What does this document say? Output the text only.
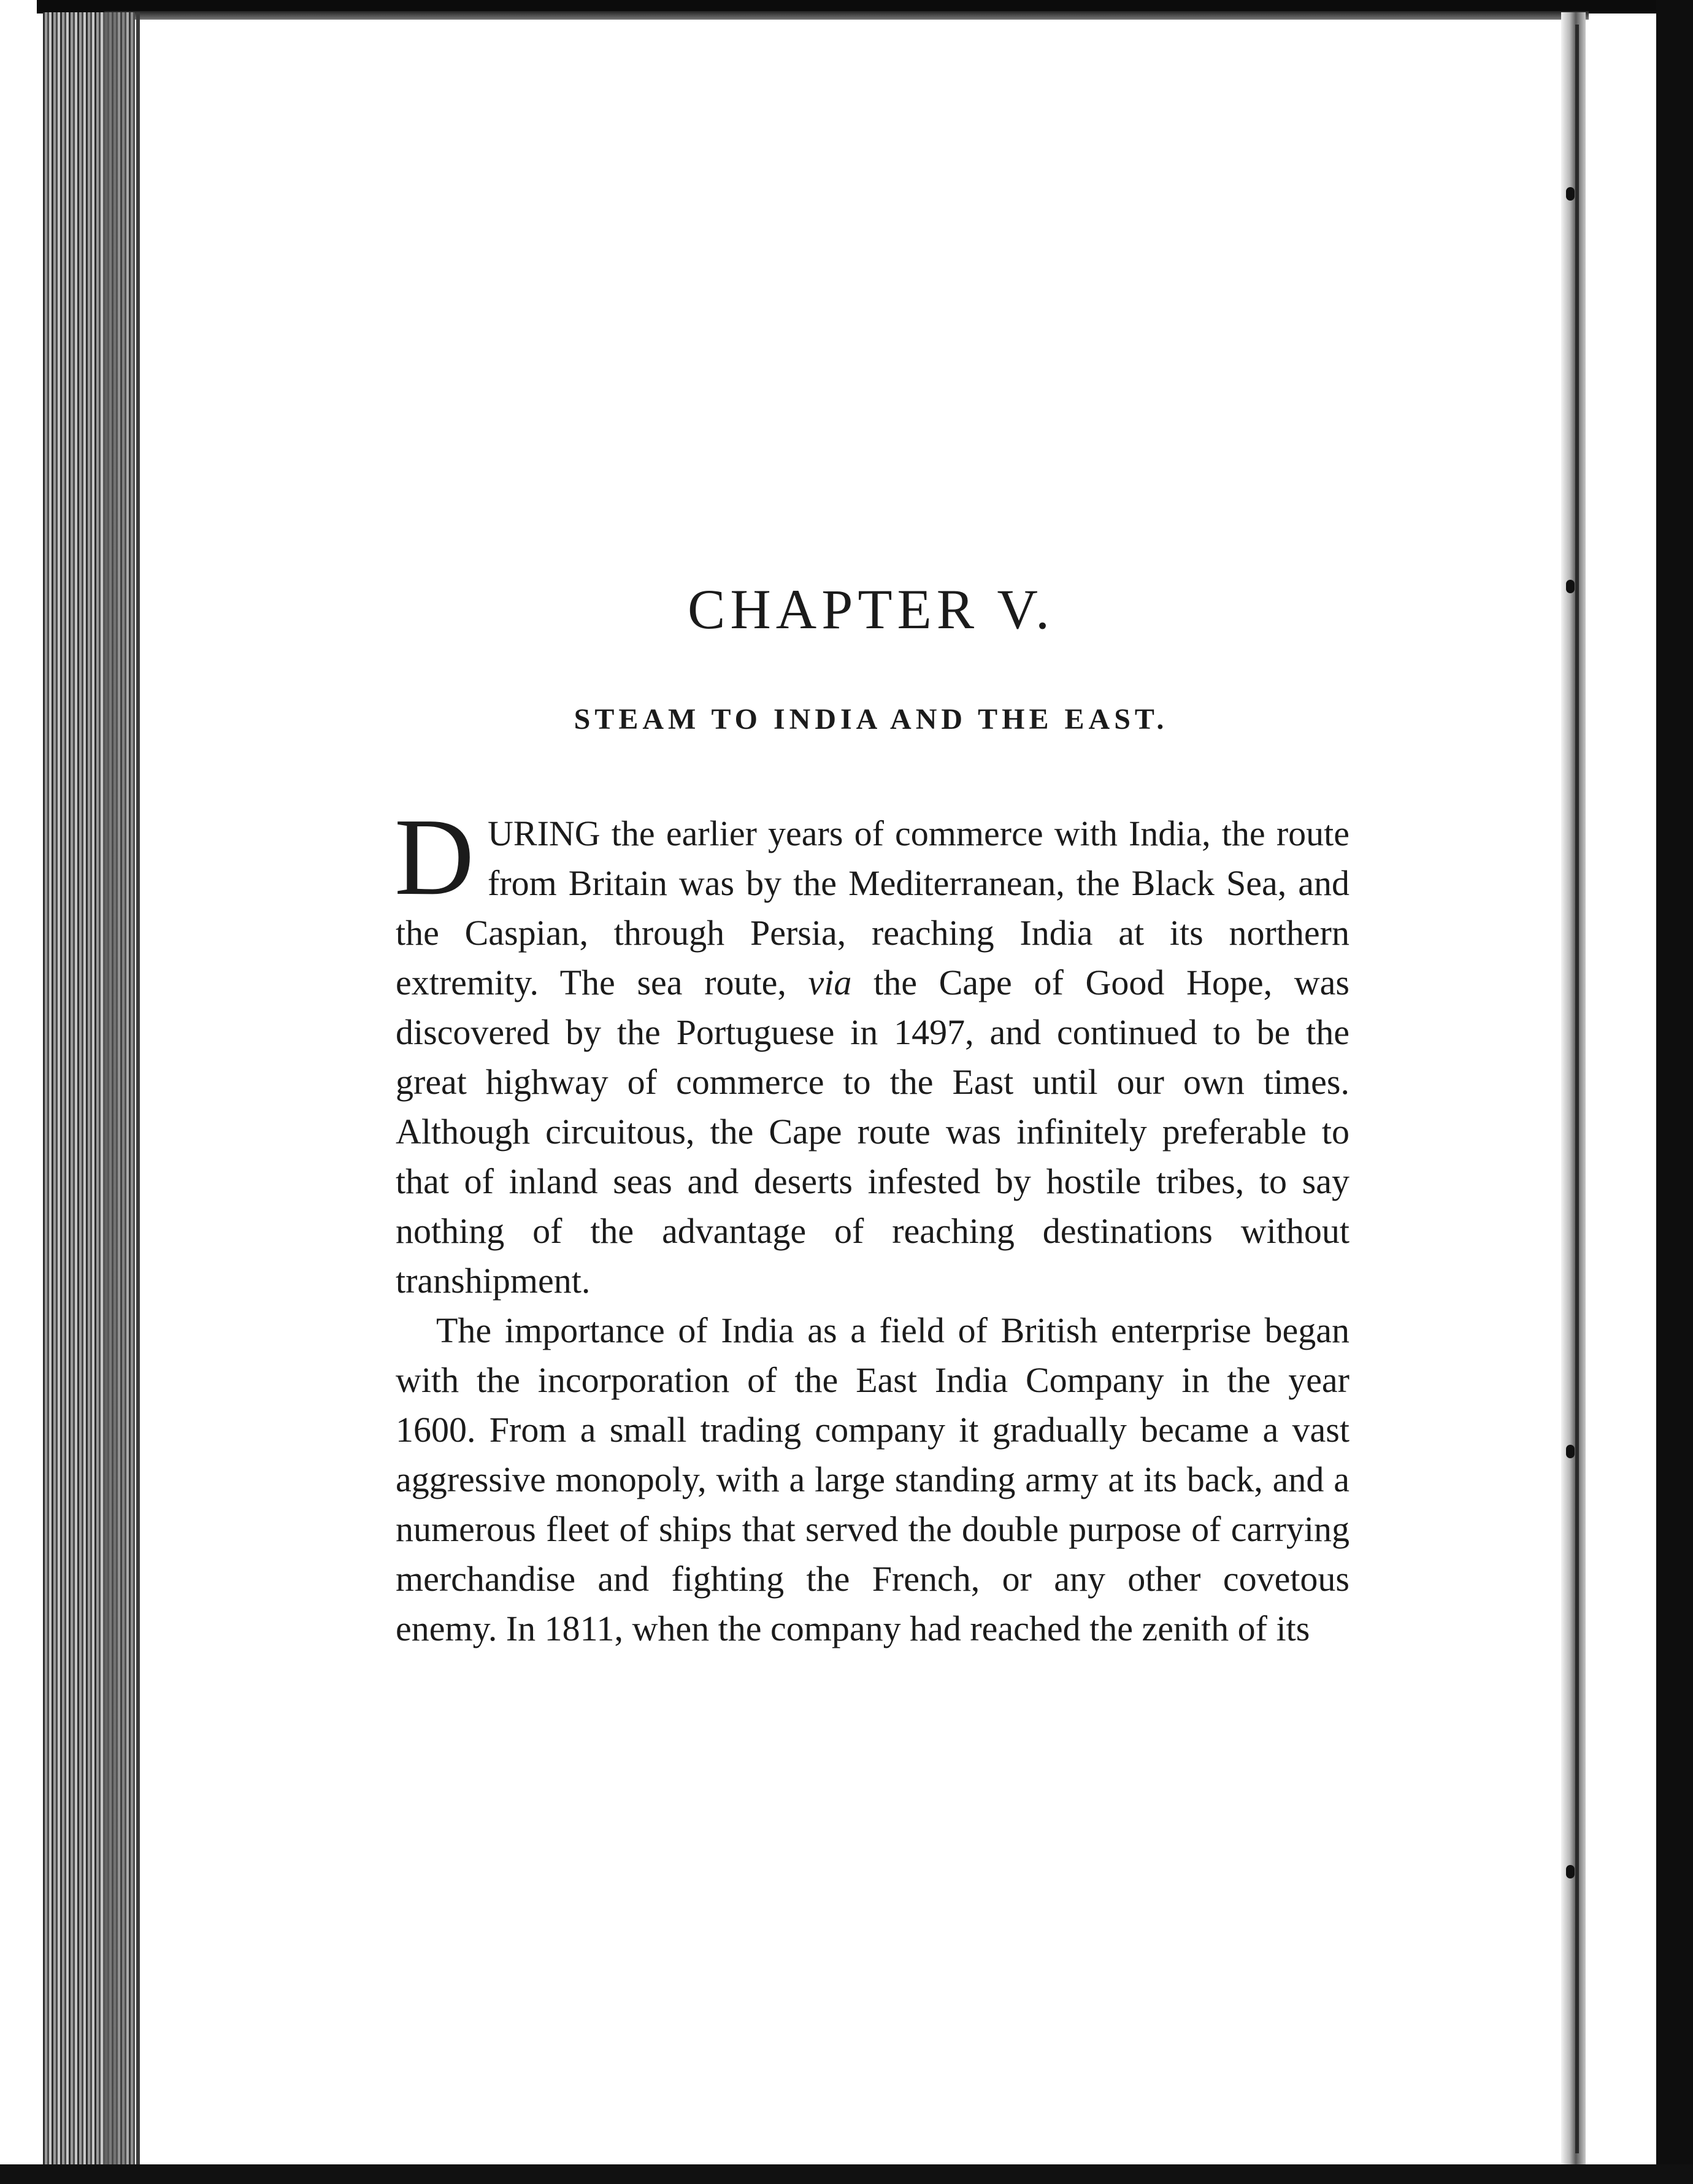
CHAPTER V.
STEAM TO INDIA AND THE EAST.

DURING the earlier years of commerce with India, the route from Britain was by the Mediterranean, the Black Sea, and the Caspian, through Persia, reaching India at its northern extremity. The sea route, via the Cape of Good Hope, was discovered by the Portuguese in 1497, and continued to be the great highway of commerce to the East until our own times. Although circuitous, the Cape route was infinitely preferable to that of inland seas and deserts infested by hostile tribes, to say nothing of the advantage of reaching destinations without transhipment.

The importance of India as a field of British enterprise began with the incorporation of the East India Company in the year 1600. From a small trading company it gradually became a vast aggressive monopoly, with a large standing army at its back, and a numerous fleet of ships that served the double purpose of carrying merchandise and fighting the French, or any other covetous enemy. In 1811, when the company had reached the zenith of its
